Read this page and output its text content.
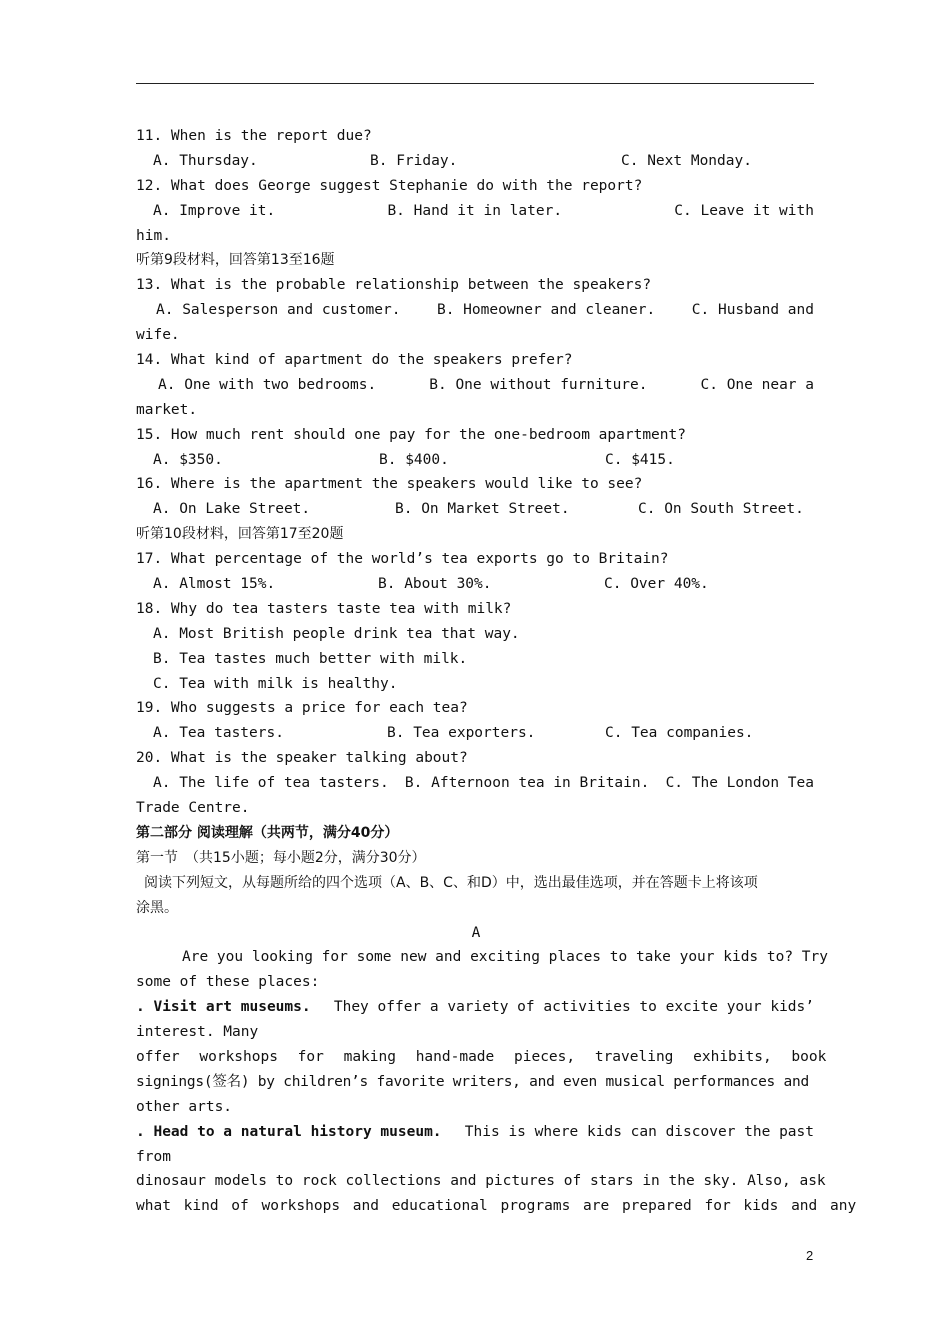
11. When is the report due?
A. Thursday.	B. Friday.	C. Next Monday.
12. What does George suggest Stephanie do with the report?
A. Improve it.	B. Hand it in later.	C. Leave it with
him.
听第9段材料，回答第13至16题
13. What is the probable relationship between the speakers?
A. Salesperson and customer.	B. Homeowner and cleaner.	C. Husband and
wife.
14. What kind of apartment do the speakers prefer?
A. One with two bedrooms.	B. One without furniture.	C. One near a
market.
15. How much rent should one pay for the one-bedroom apartment?
A. $350.	B. $400.	C. $415.
16. Where is the apartment the speakers would like to see?
A. On Lake Street.	B. On Market Street.	C. On South Street.
听第10段材料，回答第17至20题
17. What percentage of the world’s tea exports go to Britain?
A. Almost 15%.	B. About 30%.	C. Over 40%.
18. Why do tea tasters taste tea with milk?
A. Most British people drink tea that way.
B. Tea tastes much better with milk.
C. Tea with milk is healthy.
19. Who suggests a price for each tea?
A. Tea tasters.	B. Tea exporters.	C. Tea companies.
20. What is the speaker talking about?
A. The life of tea tasters. B. Afternoon tea in Britain. C. The London Tea
Trade Centre.
第二部分 阅读理解（共两节，满分40分）
第一节　（共15小题；每小题2分，满分30分）
阅读下列短文，从每题所给的四个选项（A、B、C、和D）中，选出最佳选项，并在答题卡上将该项
涂黑。
A
Are you looking for some new and exciting places to take your kids to? Try
some of these places:
. Visit art museums. They offer a variety of activities to excite your kids’
interest. Many
offer workshops for making hand-made pieces, traveling exhibits, book
signings(签名) by children’s favorite writers, and even musical performances and
other arts.
. Head to a natural history museum. This is where kids can discover the past
from
dinosaur models to rock collections and pictures of stars in the sky. Also, ask
what kind of workshops and educational programs are prepared for kids and any
2
